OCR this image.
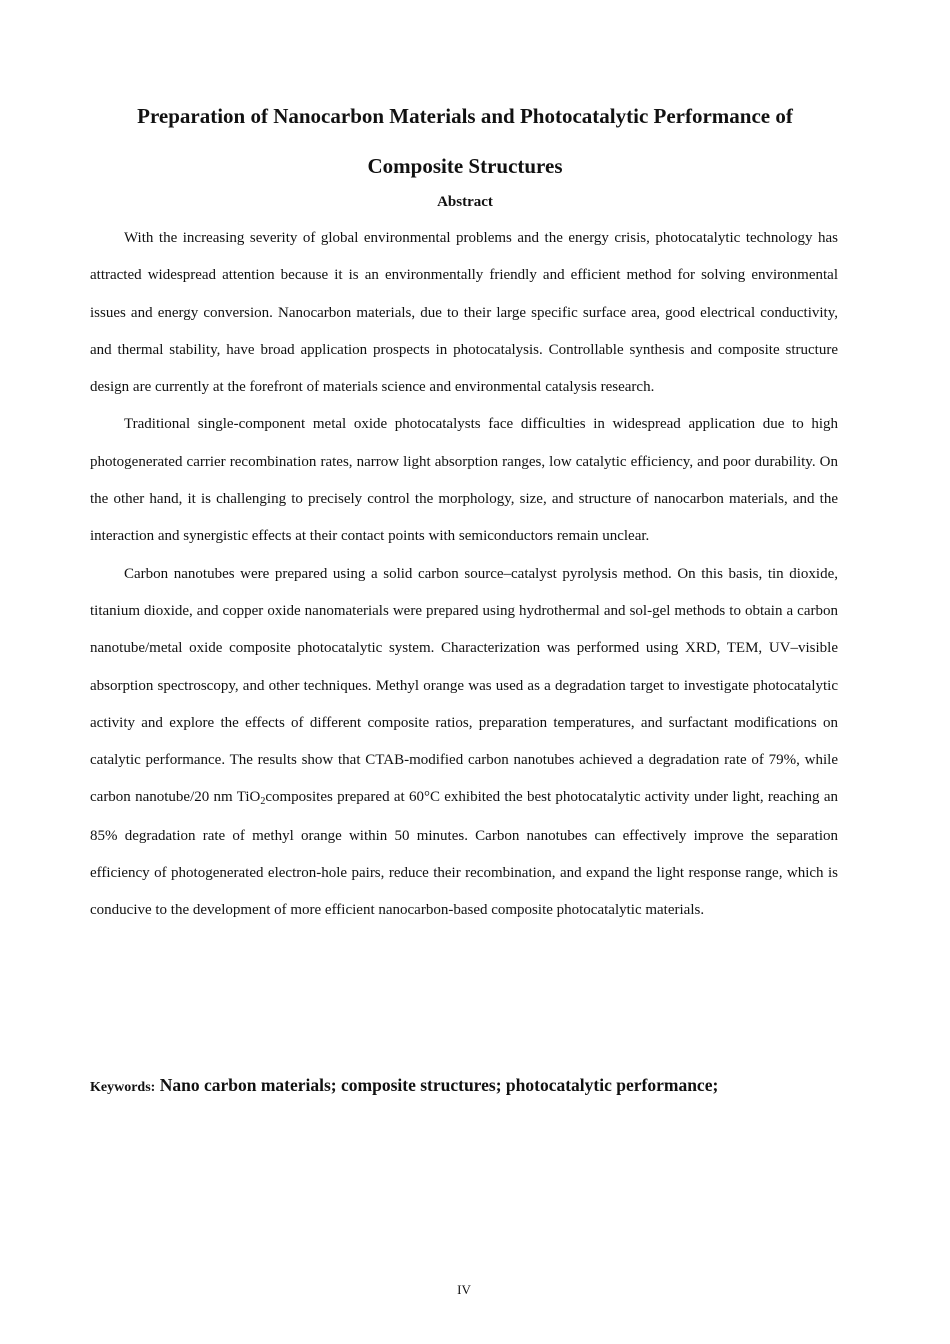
Preparation of Nanocarbon Materials and Photocatalytic Performance of
Composite Structures
Abstract

With the increasing severity of global environmental problems and the energy crisis, photocatalytic technology has attracted widespread attention because it is an environmentally friendly and efficient method for solving environmental issues and energy conversion. Nanocarbon materials, due to their large specific surface area, good electrical conductivity, and thermal stability, have broad application prospects in photocatalysis. Controllable synthesis and composite structure design are currently at the forefront of materials science and environmental catalysis research.

Traditional single-component metal oxide photocatalysts face difficulties in widespread application due to high photogenerated carrier recombination rates, narrow light absorption ranges, low catalytic efficiency, and poor durability. On the other hand, it is challenging to precisely control the morphology, size, and structure of nanocarbon materials, and the interaction and synergistic effects at their contact points with semiconductors remain unclear.

Carbon nanotubes were prepared using a solid carbon source–catalyst pyrolysis method. On this basis, tin dioxide, titanium dioxide, and copper oxide nanomaterials were prepared using hydrothermal and sol-gel methods to obtain a carbon nanotube/metal oxide composite photocatalytic system. Characterization was performed using XRD, TEM, UV–visible absorption spectroscopy, and other techniques. Methyl orange was used as a degradation target to investigate photocatalytic activity and explore the effects of different composite ratios, preparation temperatures, and surfactant modifications on catalytic performance. The results show that CTAB-modified carbon nanotubes achieved a degradation rate of 79%, while carbon nanotube/20 nm TiO$_2$composites prepared at 60°C exhibited the best photocatalytic activity under light, reaching an 85% degradation rate of methyl orange within 50 minutes. Carbon nanotubes can effectively improve the separation efficiency of photogenerated electron-hole pairs, reduce their recombination, and expand the light response range, which is conducive to the development of more efficient nanocarbon-based composite photocatalytic materials.

Keywords: Nano carbon materials; composite structures; photocatalytic performance;

IV
